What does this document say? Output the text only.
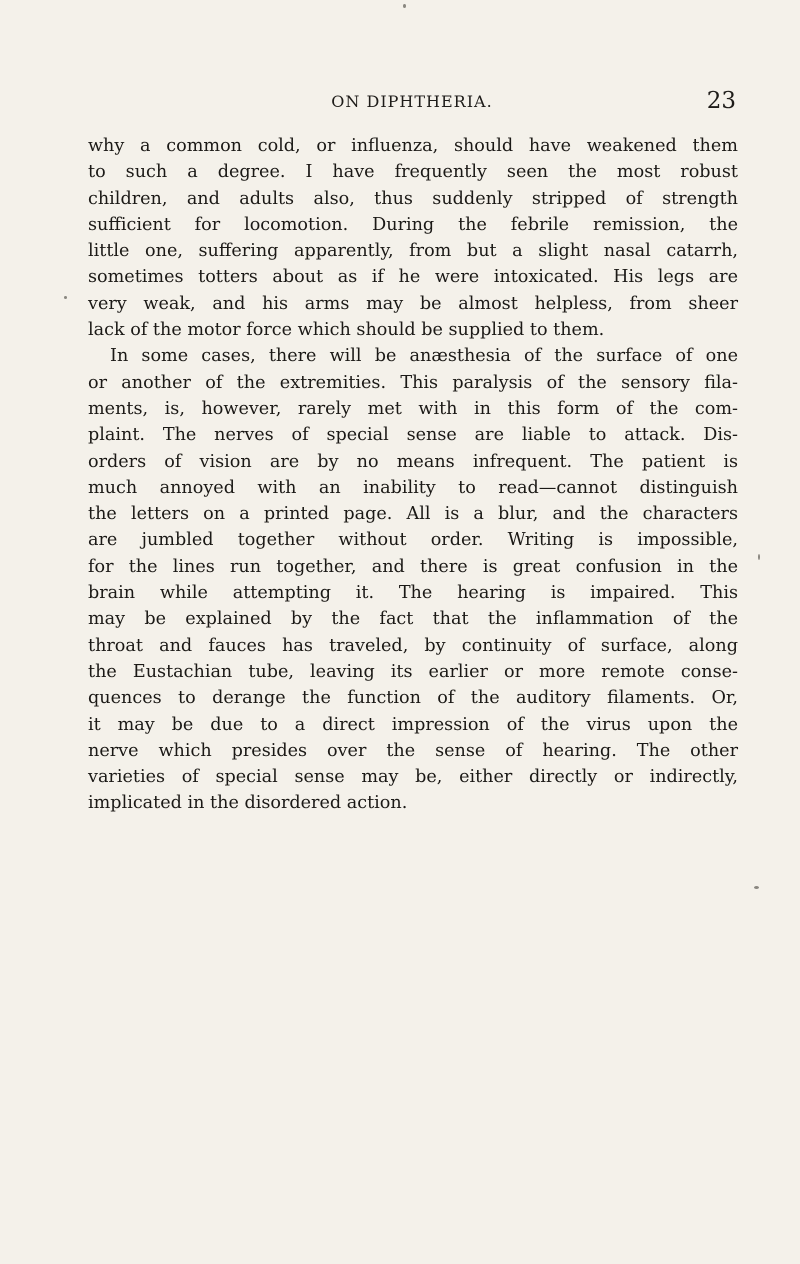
ON DIPHTHERIA.	23
why a common cold, or influenza, should have weakened them
to such a degree. I have frequently seen the most robust
children, and adults also, thus suddenly stripped of strength
sufficient for locomotion. During the febrile remission, the
little one, suffering apparently, from but a slight nasal catarrh,
sometimes totters about as if he were intoxicated. His legs are
very weak, and his arms may be almost helpless, from sheer
lack of the motor force which should be supplied to them.
In some cases, there will be anæsthesia of the surface of one
or another of the extremities. This paralysis of the sensory fila-
ments, is, however, rarely met with in this form of the com-
plaint. The nerves of special sense are liable to attack. Dis-
orders of vision are by no means infrequent. The patient is
much annoyed with an inability to read—cannot distinguish
the letters on a printed page. All is a blur, and the characters
are jumbled together without order. Writing is impossible,
for the lines run together, and there is great confusion in the
brain while attempting it. The hearing is impaired. This
may be explained by the fact that the inflammation of the
throat and fauces has traveled, by continuity of surface, along
the Eustachian tube, leaving its earlier or more remote conse-
quences to derange the function of the auditory filaments. Or,
it may be due to a direct impression of the virus upon the
nerve which presides over the sense of hearing. The other
varieties of special sense may be, either directly or indirectly,
implicated in the disordered action.
